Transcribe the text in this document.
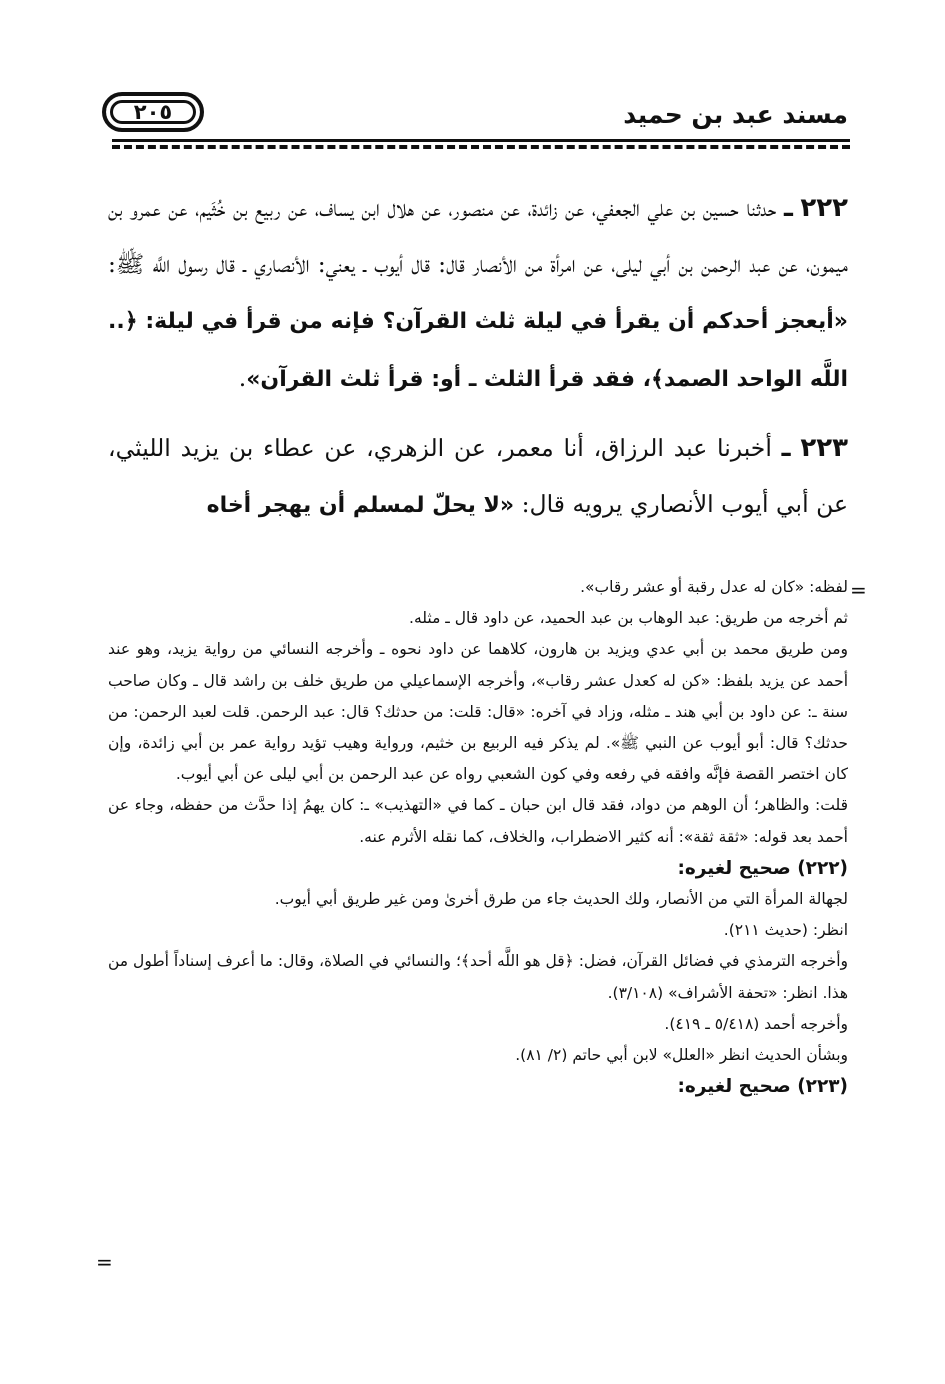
٢٠٥	مسند عبد بن حميد

٢٢٢ ـ حدثنا حسين بن علي الجعفي، عن زائدة، عن منصور، عن هلال ابن يساف، عن ربيع بن خُثَيم، عن عمرو بن ميمون، عن عبد الرحمن بن أبي ليلى، عن امرأة من الأنصار قال: قال أيوب ـ يعني: الأنصاري ـ قال رسول اللَّه ﷺ: «أيعجز أحدكم أن يقرأ في ليلة ثلث القرآن؟ فإنه من قرأ في ليلة: ﴿.. اللَّه الواحد الصمد﴾، فقد قرأ الثلث ـ أو: قرأ ثلث القرآن».

٢٢٣ ـ أخبرنا عبد الرزاق، أنا معمر، عن الزهري، عن عطاء بن يزيد الليثي، عن أبي أيوب الأنصاري يرويه قال: «لا يحلّ لمسلم أن يهجر أخاه

=

لفظه: «كان له عدل رقبة أو عشر رقاب».

ثم أخرجه من طريق: عبد الوهاب بن عبد الحميد، عن داود قال ـ مثله.

ومن طريق محمد بن أبي عدي ويزيد بن هارون، كلاهما عن داود نحوه ـ وأخرجه النسائي من رواية يزيد، وهو عند أحمد عن يزيد بلفظ: «كن له كعدل عشر رقاب»، وأخرجه الإسماعيلي من طريق خلف بن راشد قال ـ وكان صاحب سنة ـ: عن داود بن أبي هند ـ مثله، وزاد في آخره: «قال: قلت: من حدثك؟ قال: عبد الرحمن. قلت لعبد الرحمن: من حدثك؟ قال: أبو أيوب عن النبي ﷺ». لم يذكر فيه الربيع بن خثيم، ورواية وهيب تؤيد رواية عمر بن أبي زائدة، وإن كان اختصر القصة فإنَّه وافقه في رفعه وفي كون الشعبي رواه عن عبد الرحمن بن أبي ليلى عن أبي أيوب.

قلت: والظاهر؛ أن الوهم من دواد، فقد قال ابن حبان ـ كما في «التهذيب» ـ: كان يهمُ إذا حدَّث من حفظه، وجاء عن أحمد بعد قوله: «ثقة ثقة»: أنه كثير الاضطراب، والخلاف، كما نقله الأثرم عنه.

(٢٢٢) صحيح لغيره:

لجهالة المرأة التي من الأنصار، ولك الحديث جاء من طرق أخرىٰ ومن غير طريق أبي أيوب.

انظر: (حديث ٢١١).

وأخرجه الترمذي في فضائل القرآن، فضل: ﴿قل هو اللَّه أحد﴾؛ والنسائي في الصلاة، وقال: ما أعرف إسناداً أطول من هذا. انظر: «تحفة الأشراف» (٣/١٠٨).

وأخرجه أحمد (٥/٤١٨ ـ ٤١٩).

وبشأن الحديث انظر «العلل» لابن أبي حاتم (٢/ ٨١).

(٢٢٣) صحيح لغيره:

=
